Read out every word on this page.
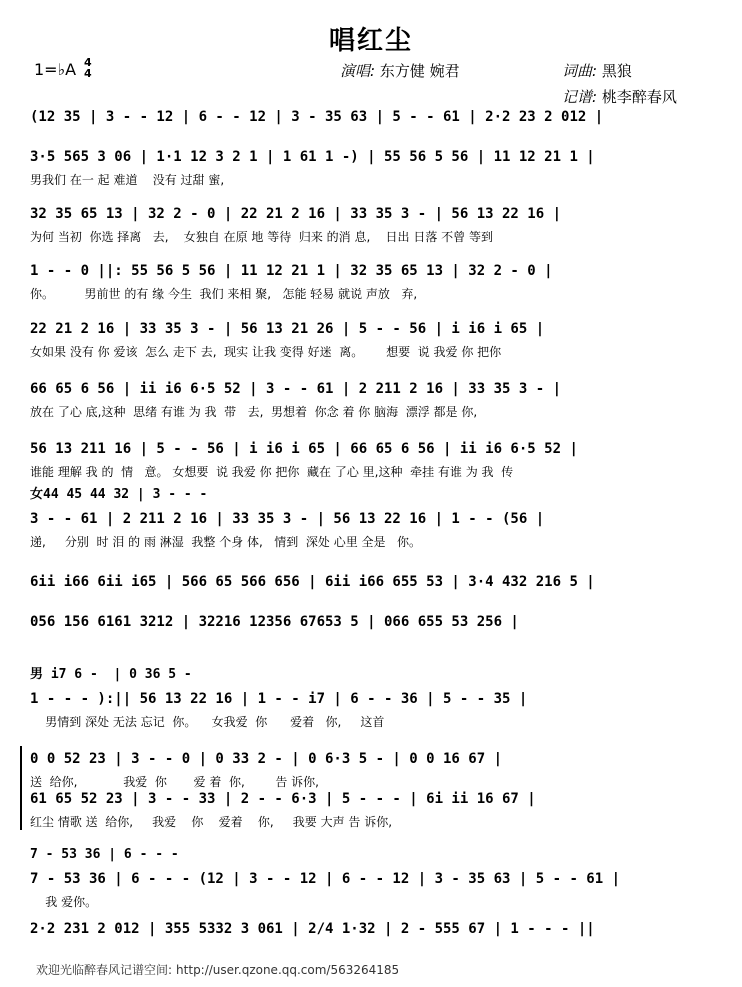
唱红尘
1=♭A 4
4	演唱: 东方健 婉君	词曲: 黑狼
记谱: 桃李醉春风
(12 35 | 3 - - 12 | 6 - - 12 | 3 - 35 63 | 5 - - 61 | 2·2 23 2 012 |
3·5 565 3 06 | 1·1 12 3 2 1 | 1 61 1 -) | 55 56 5 56 | 11 12 21 1 |
男我们 在一 起 难道    没有 过甜 蜜,
32 35 65 13 | 32 2 - 0 | 22 21 2 16 | 33 35 3 - | 56 13 22 16 |
为何 当初  你选 择离   去,    女独自 在原 地 等待  归来 的消 息,    日出 日落 不曾 等到
1 - - 0 ||: 55 56 5 56 | 11 12 21 1 | 32 35 65 13 | 32 2 - 0 |
你。        男前世 的有 缘 今生  我们 来相 聚,   怎能 轻易 就说 声放   弃,
22 21 2 16 | 33 35 3 - | 56 13 21 26 | 5 - - 56 | i i6 i 65 |
女如果 没有 你 爱该  怎么 走下 去,  现实 让我 变得 好迷  离。      想要  说 我爱 你 把你
66 65 6 56 | ii i6 6·5 52 | 3 - - 61 | 2 211 2 16 | 33 35 3 - |
放在 了心 底,这种  思绪 有谁 为 我  带   去,  男想着  你念 着 你 脑海  漂浮 都是 你,
56 13 211 16 | 5 - - 56 | i i6 i 65 | 66 65 6 56 | ii i6 6·5 52 |
谁能 理解 我 的  情   意。 女想要  说 我爱 你 把你  藏在 了心 里,这种  牵挂 有谁 为 我  传
女44 45 44 32 | 3 - - -
3 - - 61 | 2 211 2 16 | 33 35 3 - | 56 13 22 16 | 1 - - (56 |
递,     分别  时 泪 的 雨 淋湿  我整 个身 体,   情到  深处 心里 全是   你。
6ii i66 6ii i65 | 566 65 566 656 | 6ii i66 655 53 | 3·4 432 216 5 |
056 156 6161 3212 | 32216 12356 67653 5 | 066 655 53 256 |
男 i7 6 -  | 0 36 5 -
1 - - - ):|| 56 13 22 16 | 1 - - i7 | 6 - - 36 | 5 - - 35 |
男情到 深处 无法 忘记  你。    女我爱  你      爱着   你,     这首
0 0 52 23 | 3 - - 0 | 0 33 2 - | 0 6·3 5 - | 0 0 16 67 |
送  给你,            我爱  你       爱 着  你,        告 诉你,
61 65 52 23 | 3 - - 33 | 2 - - 6·3 | 5 - - - | 6i ii 16 67 |
红尘 情歌 送  给你,     我爱    你    爱着    你,     我要 大声 告 诉你,
7 - 53 36 | 6 - - -
7 - 53 36 | 6 - - - (12 | 3 - - 12 | 6 - - 12 | 3 - 35 63 | 5 - - 61 |
我 爱你。
2·2 231 2 012 | 355 5332 3 061 | 2/4 1·32 | 2 - 555 67 | 1 - - - ||
欢迎光临醉春风记谱空间: http://user.qzone.qq.com/563264185
